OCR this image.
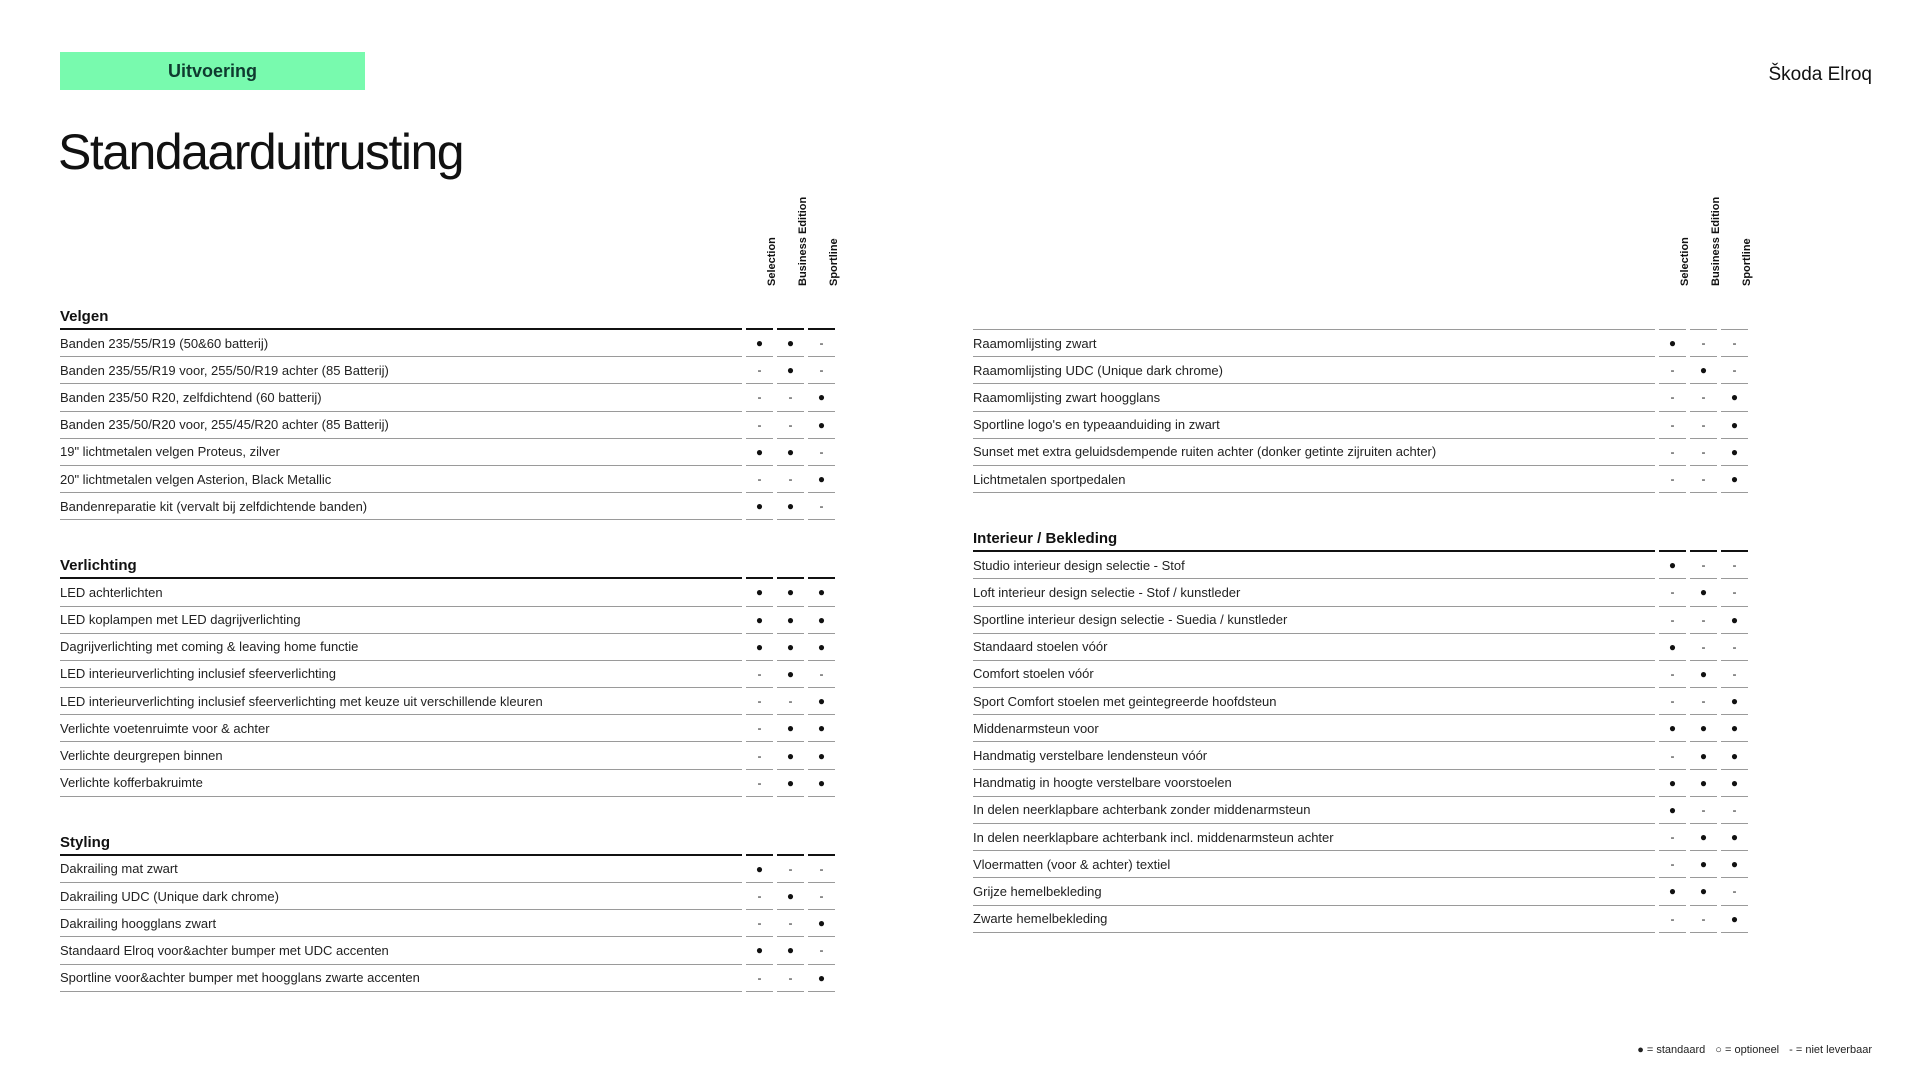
Uitvoering	Škoda Elroq
Standaarduitrusting
Selection Business Edition Sportline
Velgen
Banden 235/55/R19 (50&60 batterij)	●	●	-
Banden 235/55/R19 voor, 255/50/R19 achter (85 Batterij)	-	●	-
Banden 235/50 R20, zelfdichtend (60 batterij)	-	-	●
Banden 235/50/R20 voor, 255/45/R20 achter (85 Batterij)	-	-	●
19" lichtmetalen velgen Proteus, zilver	●	●	-
20" lichtmetalen velgen Asterion, Black Metallic	-	-	●
Bandenreparatie kit (vervalt bij zelfdichtende banden)	●	●	-
Verlichting
LED achterlichten	●	●	●
LED koplampen met LED dagrijverlichting	●	●	●
Dagrijverlichting met coming & leaving home functie	●	●	●
LED interieurverlichting inclusief sfeerverlichting	-	●	-
LED interieurverlichting inclusief sfeerverlichting met keuze uit verschillende kleuren	-	-	●
Verlichte voetenruimte voor & achter	-	●	●
Verlichte deurgrepen binnen	-	●	●
Verlichte kofferbakruimte	-	●	●
Styling
Dakrailing mat zwart	●	-	-
Dakrailing UDC (Unique dark chrome)	-	●	-
Dakrailing hoogglans zwart	-	-	●
Standaard Elroq voor&achter bumper met UDC accenten	●	●	-
Sportline voor&achter bumper met hoogglans zwarte accenten	-	-	●
Selection Business Edition Sportline
Raamomlijsting zwart	●	-	-
Raamomlijsting UDC (Unique dark chrome)	-	●	-
Raamomlijsting zwart hoogglans	-	-	●
Sportline logo's en typeaanduiding in zwart	-	-	●
Sunset met extra geluidsdempende ruiten achter (donker getinte zijruiten achter)	-	-	●
Lichtmetalen sportpedalen	-	-	●
Interieur / Bekleding
Studio interieur design selectie - Stof	●	-	-
Loft interieur design selectie - Stof / kunstleder	-	●	-
Sportline interieur design selectie - Suedia / kunstleder	-	-	●
Standaard stoelen vóór	●	-	-
Comfort stoelen vóór	-	●	-
Sport Comfort stoelen met geintegreerde hoofdsteun	-	-	●
Middenarmsteun voor	●	●	●
Handmatig verstelbare lendensteun vóór	-	●	●
Handmatig in hoogte verstelbare voorstoelen	●	●	●
In delen neerklapbare achterbank zonder middenarmsteun	●	-	-
In delen neerklapbare achterbank incl. middenarmsteun achter	-	●	●
Vloermatten (voor & achter) textiel	-	●	●
Grijze hemelbekleding	●	●	-
Zwarte hemelbekleding	-	-	●
● = standaard ○ = optioneel - = niet leverbaar
